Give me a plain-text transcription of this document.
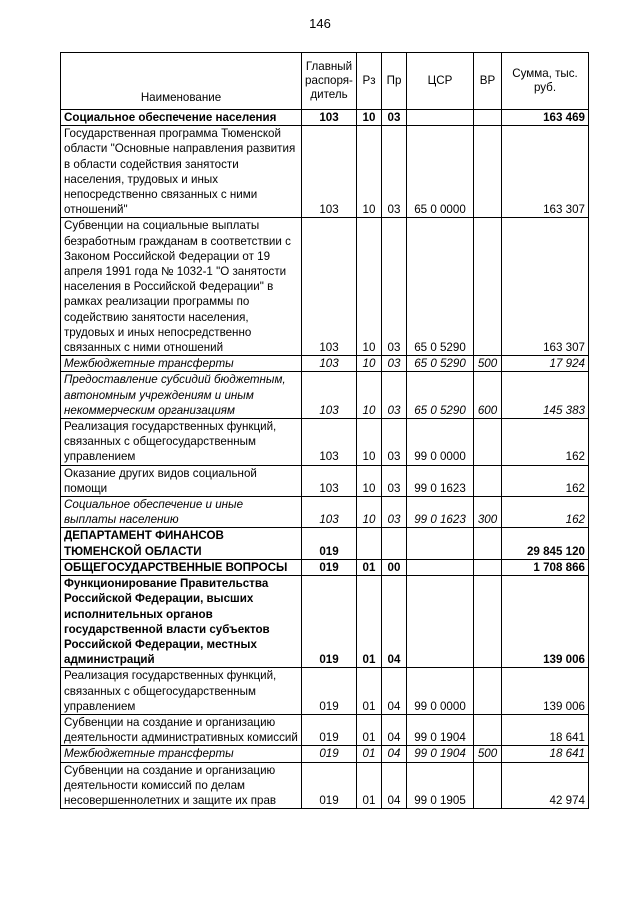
146
Наименование	Главный распоря-дитель	Рз	Пр	ЦСР	ВР	Сумма, тыс. руб.
Социальное обеспечение населения	103	10	03			163 469
Государственная программа Тюменской области "Основные направления развития в области содействия занятости населения, трудовых и иных непосредственно связанных с ними отношений"	103	10	03	65 0 0000		163 307
Субвенции на социальные выплаты безработным гражданам в соответствии с Законом Российской Федерации от 19 апреля 1991 года № 1032-1 "О занятости населения в Российской Федерации" в рамках реализации программы по содействию занятости населения, трудовых и иных непосредственно связанных с ними отношений	103	10	03	65 0 5290		163 307
Межбюджетные трансферты	103	10	03	65 0 5290	500	17 924
Предоставление субсидий бюджетным, автономным учреждениям и иным некоммерческим организациям	103	10	03	65 0 5290	600	145 383
Реализация государственных функций, связанных с общегосударственным управлением	103	10	03	99 0 0000		162
Оказание других видов социальной помощи	103	10	03	99 0 1623		162
Социальное обеспечение и иные выплаты населению	103	10	03	99 0 1623	300	162
ДЕПАРТАМЕНТ ФИНАНСОВ ТЮМЕНСКОЙ ОБЛАСТИ	019					29 845 120
ОБЩЕГОСУДАРСТВЕННЫЕ ВОПРОСЫ	019	01	00			1 708 866
Функционирование Правительства Российской Федерации, высших исполнительных органов государственной власти субъектов Российской Федерации, местных администраций	019	01	04			139 006
Реализация государственных функций, связанных с общегосударственным управлением	019	01	04	99 0 0000		139 006
Субвенции на создание и организацию деятельности административных комиссий	019	01	04	99 0 1904		18 641
Межбюджетные трансферты	019	01	04	99 0 1904	500	18 641
Субвенции на создание и организацию деятельности комиссий по делам несовершеннолетних и защите их прав	019	01	04	99 0 1905		42 974
